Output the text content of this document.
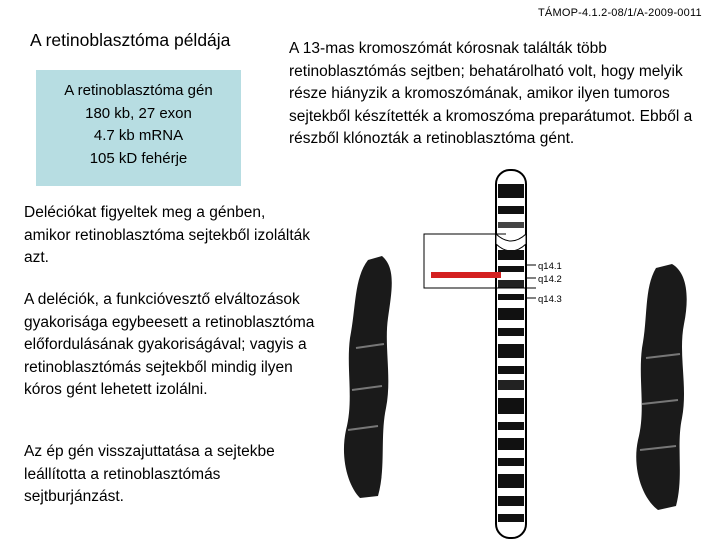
TÁMOP-4.1.2-08/1/A-2009-0011
A retinoblasztóma példája
A retinoblasztóma gén
180 kb, 27 exon
4.7 kb mRNA
105 kD fehérje
A 13-mas kromoszómát kórosnak találták több retinoblasztómás sejtben; behatárolható volt, hogy melyik része hiányzik a kromoszómának, amikor ilyen tumoros sejtekből készítették a kromoszóma preparátumot. Ebből a részből klónozták a retinoblasztóma gént.
Deléciókat figyeltek meg a génben, amikor retinoblasztóma sejtekből izolálták azt.
A deléciók, a funkcióvesztő elváltozások gyakorisága egybeesett a retinoblasztóma előfordulásának gyakoriságával; vagyis a retinoblasztómás sejtekből mindig ilyen kóros gént lehetett izolálni.
Az ép gén visszajuttatása a sejtekbe leállította a retinoblasztómás sejtburjánzást.
q14.1
q14.2
q14.3
